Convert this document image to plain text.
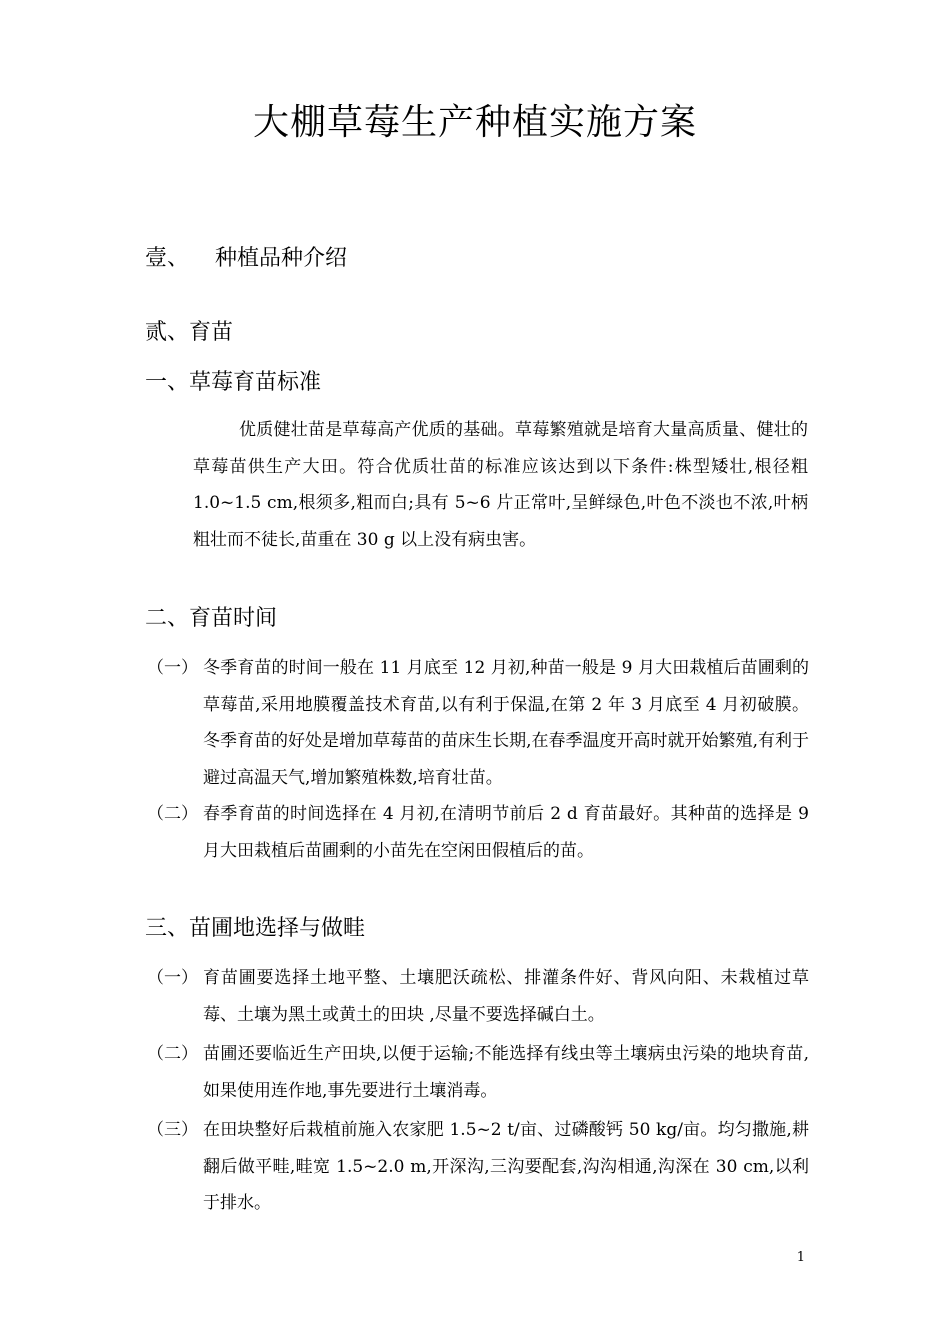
大棚草莓生产种植实施方案
壹、 种植品种介绍
贰、育苗
一、草莓育苗标准
优质健壮苗是草莓高产优质的基础。草莓繁殖就是培育大量高质量、健壮的草莓苗供生产大田。符合优质壮苗的标准应该达到以下条件:株型矮壮,根径粗 1.0~1.5 cm,根须多,粗而白;具有 5~6 片正常叶,呈鲜绿色,叶色不淡也不浓,叶柄粗壮而不徒长,苗重在 30 g 以上没有病虫害。
二、育苗时间
（一） 冬季育苗的时间一般在 11 月底至 12 月初,种苗一般是 9 月大田栽植后苗圃剩的草莓苗,采用地膜覆盖技术育苗,以有利于保温,在第 2 年 3 月底至 4 月初破膜。冬季育苗的好处是增加草莓苗的苗床生长期,在春季温度开高时就开始繁殖,有利于避过高温天气,增加繁殖株数,培育壮苗。
（二） 春季育苗的时间选择在 4 月初,在清明节前后 2 d 育苗最好。其种苗的选择是 9 月大田栽植后苗圃剩的小苗先在空闲田假植后的苗。
三、苗圃地选择与做畦
（一） 育苗圃要选择土地平整、土壤肥沃疏松、排灌条件好、背风向阳、未栽植过草莓、土壤为黑土或黄土的田块 ,尽量不要选择碱白土。
（二） 苗圃还要临近生产田块,以便于运输;不能选择有线虫等土壤病虫污染的地块育苗,如果使用连作地,事先要进行土壤消毒。
（三） 在田块整好后栽植前施入农家肥 1.5~2 t/亩、过磷酸钙 50 kg/亩。均匀撒施,耕翻后做平畦,畦宽 1.5~2.0 m,开深沟,三沟要配套,沟沟相通,沟深在 30 cm,以利于排水。
1
